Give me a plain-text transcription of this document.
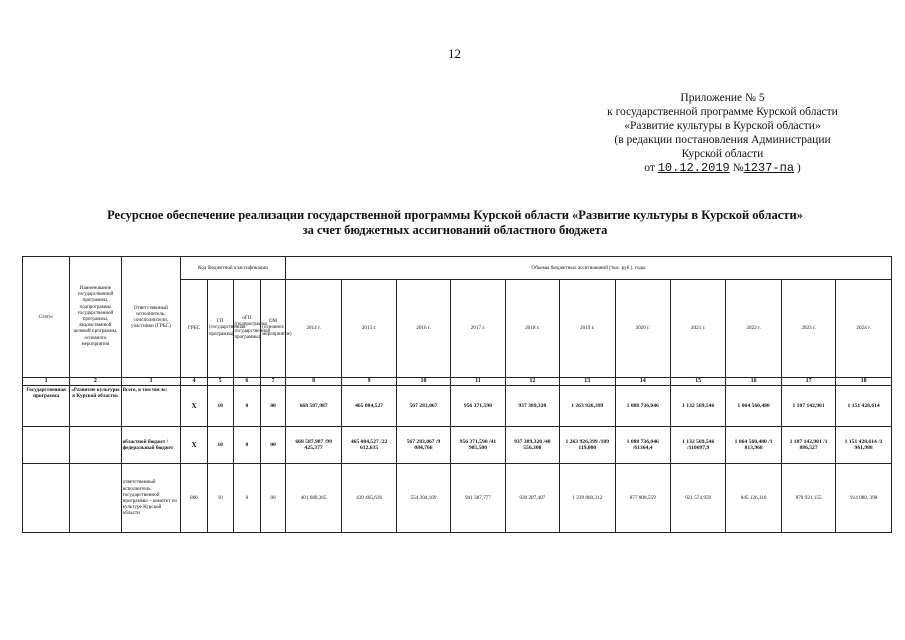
12
Приложение № 5
к государственной программе Курской области
«Развитие культуры в Курской области»
(в редакции постановления Администрации
Курской области
от 10.12.2019 №1237-па )
Ресурсное обеспечение реализации государственной программы Курской области «Развитие культуры в Курской области»
за счет бюджетных ассигнований областного бюджета
Статус	Наименование государственной программы, подпрограммы государственной программы, ведомственной целевой программы, основного мероприятия	Ответственный исполнитель, соисполнители, участники (ГРБС)	Код бюджетной классификации				Объемы бюджетных ассигнований (тыс. руб.), годы										
			ГРБС	ГП (государственная программа)	пГП (подпрограмма государственной программы)	ОМ (основное мероприятие)	2014 г.	2015 г.	2016 г.	2017 г.	2018 г.	2019 г.	2020 г.	2021 г.	2022 г.	2023 г.	2024 г.
1	2	3	4	5	6	7	8	9	10	11	12	13	14	15	16	17	18
Государственная программа	«Развитие культуры в Курской области»	Всего, в том числе:	Х	10	0	00	668 587,987	465 084,527	567 283,067	956 371,590	937 389,320	1 263 926,399	1 088 736,046	1 132 569,546	1 064 560,480	1 107 142,901	1 151 428,614
		областной бюджет /федеральный бюджет	Х	10	0	00	668 587,987 /99 425,377	465 084,527 /22 612,635	567 283,067 /9 084,766	956 371,590 /41 905,500	937 389,320 /48 556,300	1 263 926,399 /109 119,000	1 088 736,046 /61364,4	1 132 569,546 /110697,9	1 064 560,480 /1 813,968	1 107 142,901 /1 886,527	1 151 428,614 /1 961,988
		ответственный исполнитель государственной программы – комитет по культуре Курской области	806	10	0	00	401 689,365	439 465,636	554 394,169	941 387,777	920 207,407	1 239 860,312	877 808,559	921 574,959	845 126,110	878 931,155	914 088, 398
